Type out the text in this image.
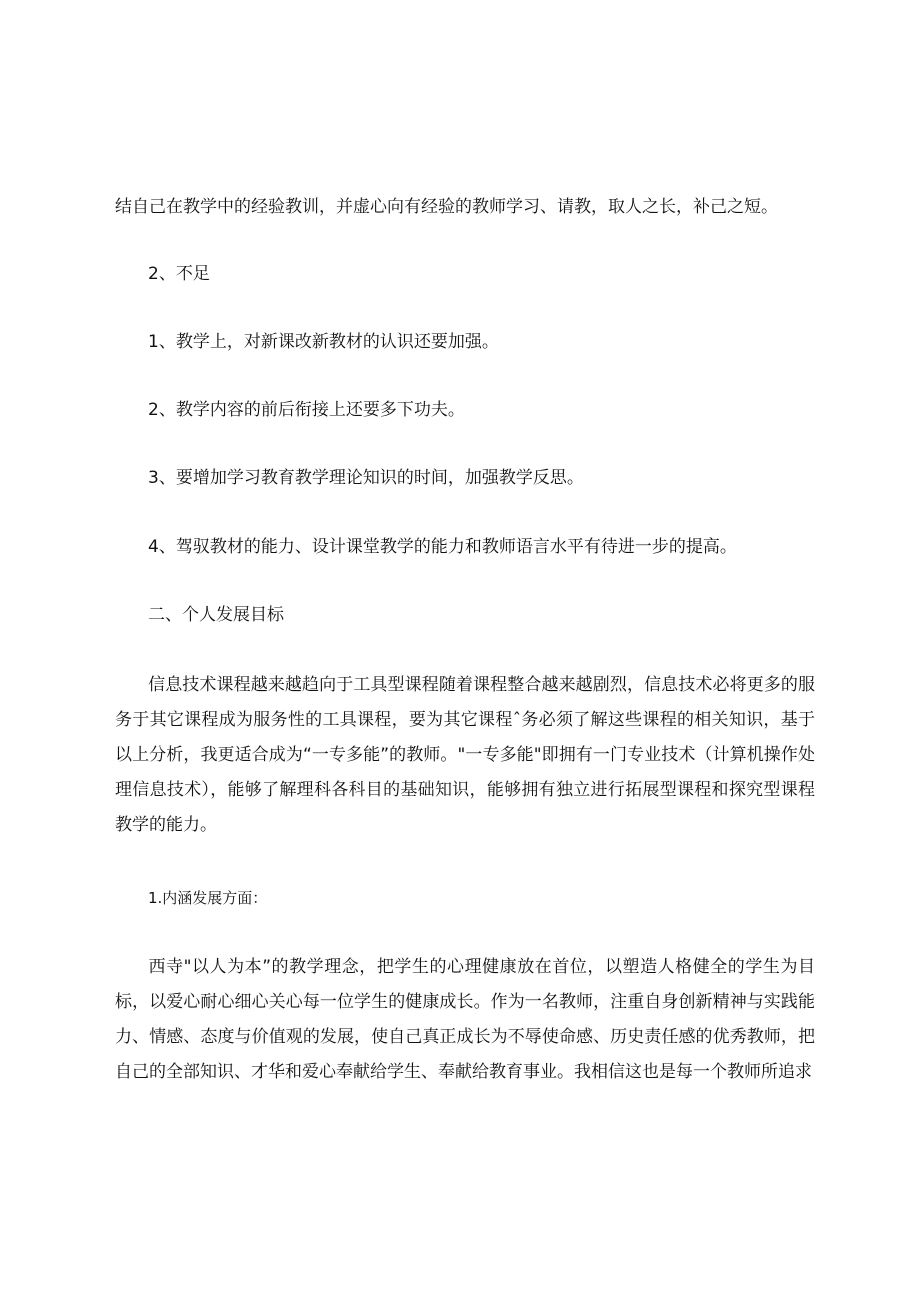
结自己在教学中的经验教训，并虚心向有经验的教师学习、请教，取人之长，补己之短。
2、不足
1、教学上，对新课改新教材的认识还要加强。
2、教学内容的前后衔接上还要多下功夫。
3、要增加学习教育教学理论知识的时间，加强教学反思。
4、驾驭教材的能力、设计课堂教学的能力和教师语言水平有待进一步的提高。
二、个人发展目标
信息技术课程越来越趋向于工具型课程随着课程整合越来越剧烈，信息技术必将更多的服务于其它课程成为服务性的工具课程，要为其它课程ˆ务必须了解这些课程的相关知识，基于以上分析，我更适合成为“一专多能”的教师。"一专多能"即拥有一门专业技术（计算机操作处理信息技术），能够了解理科各科目的基础知识，能够拥有独立进行拓展型课程和探究型课程教学的能力。
1.内涵发展方面：
西寺"以人为本”的教学理念，把学生的心理健康放在首位，以塑造人格健全的学生为目标，以爱心耐心细心关心每一位学生的健康成长。作为一名教师，注重自身创新精神与实践能力、情感、态度与价值观的发展，使自己真正成长为不辱使命感、历史责任感的优秀教师，把自己的全部知识、才华和爱心奉献给学生、奉献给教育事业。我相信这也是每一个教师所追求
